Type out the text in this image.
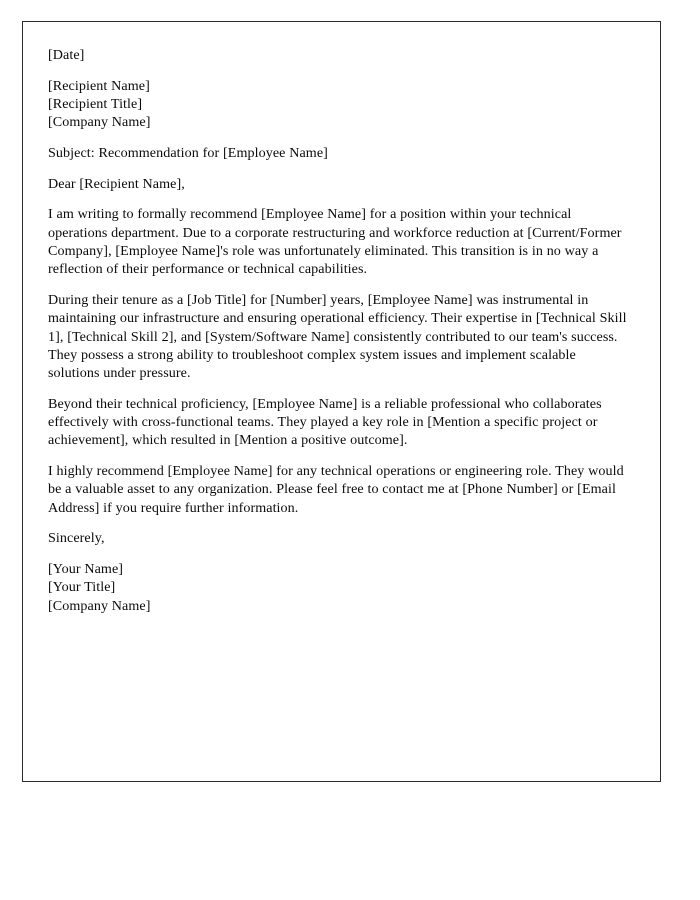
[Date]
[Recipient Name]
[Recipient Title]
[Company Name]
Subject: Recommendation for [Employee Name]
Dear [Recipient Name],
I am writing to formally recommend [Employee Name] for a position within your technical operations department. Due to a corporate restructuring and workforce reduction at [Current/Former Company], [Employee Name]'s role was unfortunately eliminated. This transition is in no way a reflection of their performance or technical capabilities.
During their tenure as a [Job Title] for [Number] years, [Employee Name] was instrumental in maintaining our infrastructure and ensuring operational efficiency. Their expertise in [Technical Skill 1], [Technical Skill 2], and [System/Software Name] consistently contributed to our team's success. They possess a strong ability to troubleshoot complex system issues and implement scalable solutions under pressure.
Beyond their technical proficiency, [Employee Name] is a reliable professional who collaborates effectively with cross-functional teams. They played a key role in [Mention a specific project or achievement], which resulted in [Mention a positive outcome].
I highly recommend [Employee Name] for any technical operations or engineering role. They would be a valuable asset to any organization. Please feel free to contact me at [Phone Number] or [Email Address] if you require further information.
Sincerely,
[Your Name]
[Your Title]
[Company Name]
